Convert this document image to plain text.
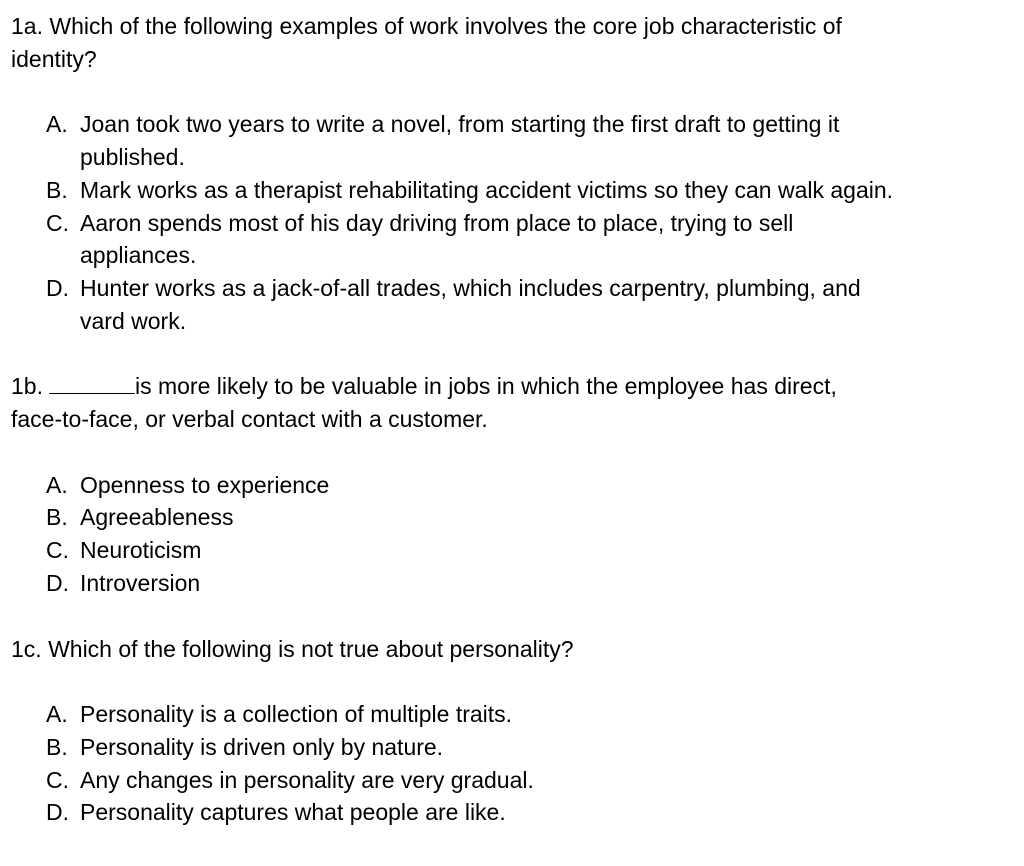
1a. Which of the following examples of work involves the core job characteristic of identity?

A. Joan took two years to write a novel, from starting the first draft to getting it published.
B. Mark works as a therapist rehabilitating accident victims so they can walk again.
C. Aaron spends most of his day driving from place to place, trying to sell appliances.
D. Hunter works as a jack-of-all trades, which includes carpentry, plumbing, and vard work.

1b.	is more likely to be valuable in jobs in which the employee has direct, face-to-face, or verbal contact with a customer.

A. Openness to experience
B. Agreeableness
C. Neuroticism
D. Introversion

1c. Which of the following is not true about personality?

A. Personality is a collection of multiple traits.
B. Personality is driven only by nature.
C. Any changes in personality are very gradual.
D. Personality captures what people are like.
